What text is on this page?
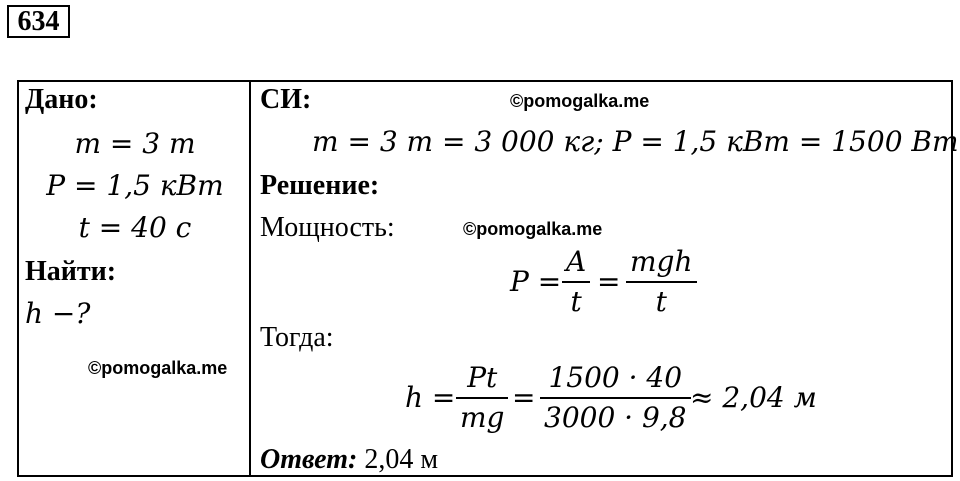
634
Дано:
m = 3 т
P = 1,5 кВт
t = 40 с
Найти:
h −?
©pomogalka.me
СИ:	©pomogalka.me
m = 3 т = 3 000 кг; P = 1,5 кВт = 1500 Вт
Решение:
Мощность:	©pomogalka.me
P =
A
t
=
mgh
t
Тогда:
h =
Pt
mg
=
1500 · 40
3000 · 9,8
≈ 2,04 м
Ответ: 2,04 м
